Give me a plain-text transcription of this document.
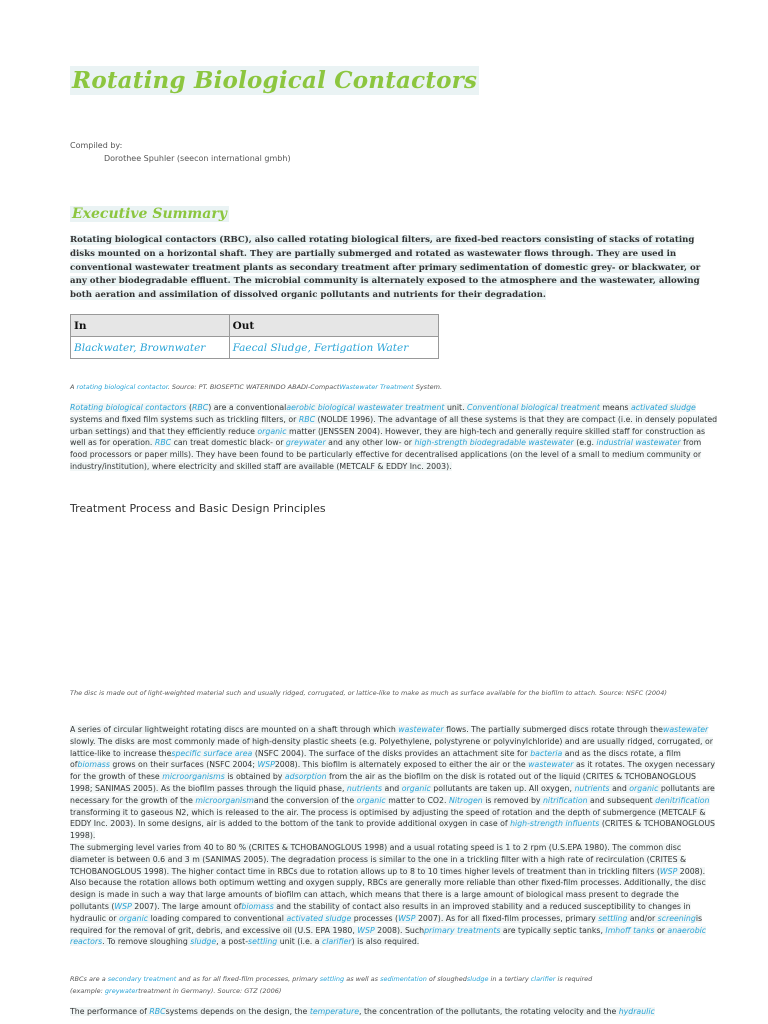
Rotating Biological Contactors
Compiled by:
Dorothee Spuhler (seecon international gmbh)
Executive Summary
Rotating biological contactors (RBC), also called rotating biological filters, are fixed-bed reactors consisting of stacks of rotating disks mounted on a horizontal shaft. They are partially submerged and rotated as wastewater flows through. They are used in conventional wastewater treatment plants as secondary treatment after primary sedimentation of domestic grey- or blackwater, or any other biodegradable effluent. The microbial community is alternately exposed to the atmosphere and the wastewater, allowing both aeration and assimilation of dissolved organic pollutants and nutrients for their degradation.
In	Out
Blackwater, Brownwater	Faecal Sludge, Fertigation Water
A rotating biological contactor. Source: PT. BIOSEPTIC WATERINDO ABADI-CompactWastewater Treatment System.
Rotating biological contactors (RBC) are a conventionalaerobic biological wastewater treatment unit. Conventional biological treatment means activated sludge systems and fixed film systems such as trickling filters, or RBC (NOLDE 1996). The advantage of all these systems is that they are compact (i.e. in densely populated urban settings) and that they efficiently reduce organic matter (JENSSEN 2004). However, they are high-tech and generally require skilled staff for construction as well as for operation. RBC can treat domestic black- or greywater and any other low- or high-strength biodegradable wastewater (e.g. industrial wastewater from food processors or paper mills). They have been found to be particularly effective for decentralised applications (on the level of a small to medium community or industry/institution), where electricity and skilled staff are available (METCALF & EDDY Inc. 2003).
Treatment Process and Basic Design Principles
The disc is made out of light-weighted material such and usually ridged, corrugated, or lattice-like to make as much as surface available for the biofilm to attach. Source: NSFC (2004)
A series of circular lightweight rotating discs are mounted on a shaft through which wastewater flows. The partially submerged discs rotate through thewastewater slowly. The disks are most commonly made of high-density plastic sheets (e.g. Polyethylene, polystyrene or polyvinylchloride) and are usually ridged, corrugated, or lattice-like to increase thespecific surface area (NSFC 2004). The surface of the disks provides an attachment site for bacteria and as the discs rotate, a film ofbiomass grows on their surfaces (NSFC 2004; WSP2008). This biofilm is alternately exposed to either the air or the wastewater as it rotates. The oxygen necessary for the growth of these microorganisms is obtained by adsorption from the air as the biofilm on the disk is rotated out of the liquid (CRITES & TCHOBANOGLOUS 1998; SANIMAS 2005). As the biofilm passes through the liquid phase, nutrients and organic pollutants are taken up. All oxygen, nutrients and organic pollutants are necessary for the growth of the microorganismand the conversion of the organic matter to CO2. Nitrogen is removed by nitrification and subsequent denitrification transforming it to gaseous N2, which is released to the air. The process is optimised by adjusting the speed of rotation and the depth of submergence (METCALF & EDDY Inc. 2003). In some designs, air is added to the bottom of the tank to provide additional oxygen in case of high-strength influents (CRITES & TCHOBANOGLOUS 1998).
The submerging level varies from 40 to 80 % (CRITES & TCHOBANOGLOUS 1998) and a usual rotating speed is 1 to 2 rpm (U.S.EPA 1980). The common disc diameter is between 0.6 and 3 m (SANIMAS 2005). The degradation process is similar to the one in a trickling filter with a high rate of recirculation (CRITES & TCHOBANOGLOUS 1998). The higher contact time in RBCs due to rotation allows up to 8 to 10 times higher levels of treatment than in trickling filters (WSP 2008). Also because the rotation allows both optimum wetting and oxygen supply, RBCs are generally more reliable than other fixed-film processes. Additionally, the disc design is made in such a way that large amounts of biofilm can attach, which means that there is a large amount of biological mass present to degrade the pollutants (WSP 2007). The large amount ofbiomass and the stability of contact also results in an improved stability and a reduced susceptibility to changes in hydraulic or organic loading compared to conventional activated sludge processes (WSP 2007). As for all fixed-film processes, primary settling and/or screeningis required for the removal of grit, debris, and excessive oil (U.S. EPA 1980, WSP 2008). Suchprimary treatments are typically septic tanks, Imhoff tanks or anaerobic reactors. To remove sloughing sludge, a post-settling unit (i.e. a clarifier) is also required.
RBCs are a secondary treatment and as for all fixed-film processes, primary settling as well as sedimentation of sloughedsludge in a tertiary clarifier is required
(example: greywatertreatment in Germany). Source: GTZ (2006)
The performance of RBCsystems depends on the design, the temperature, the concentration of the pollutants, the rotating velocity and the hydraulic
